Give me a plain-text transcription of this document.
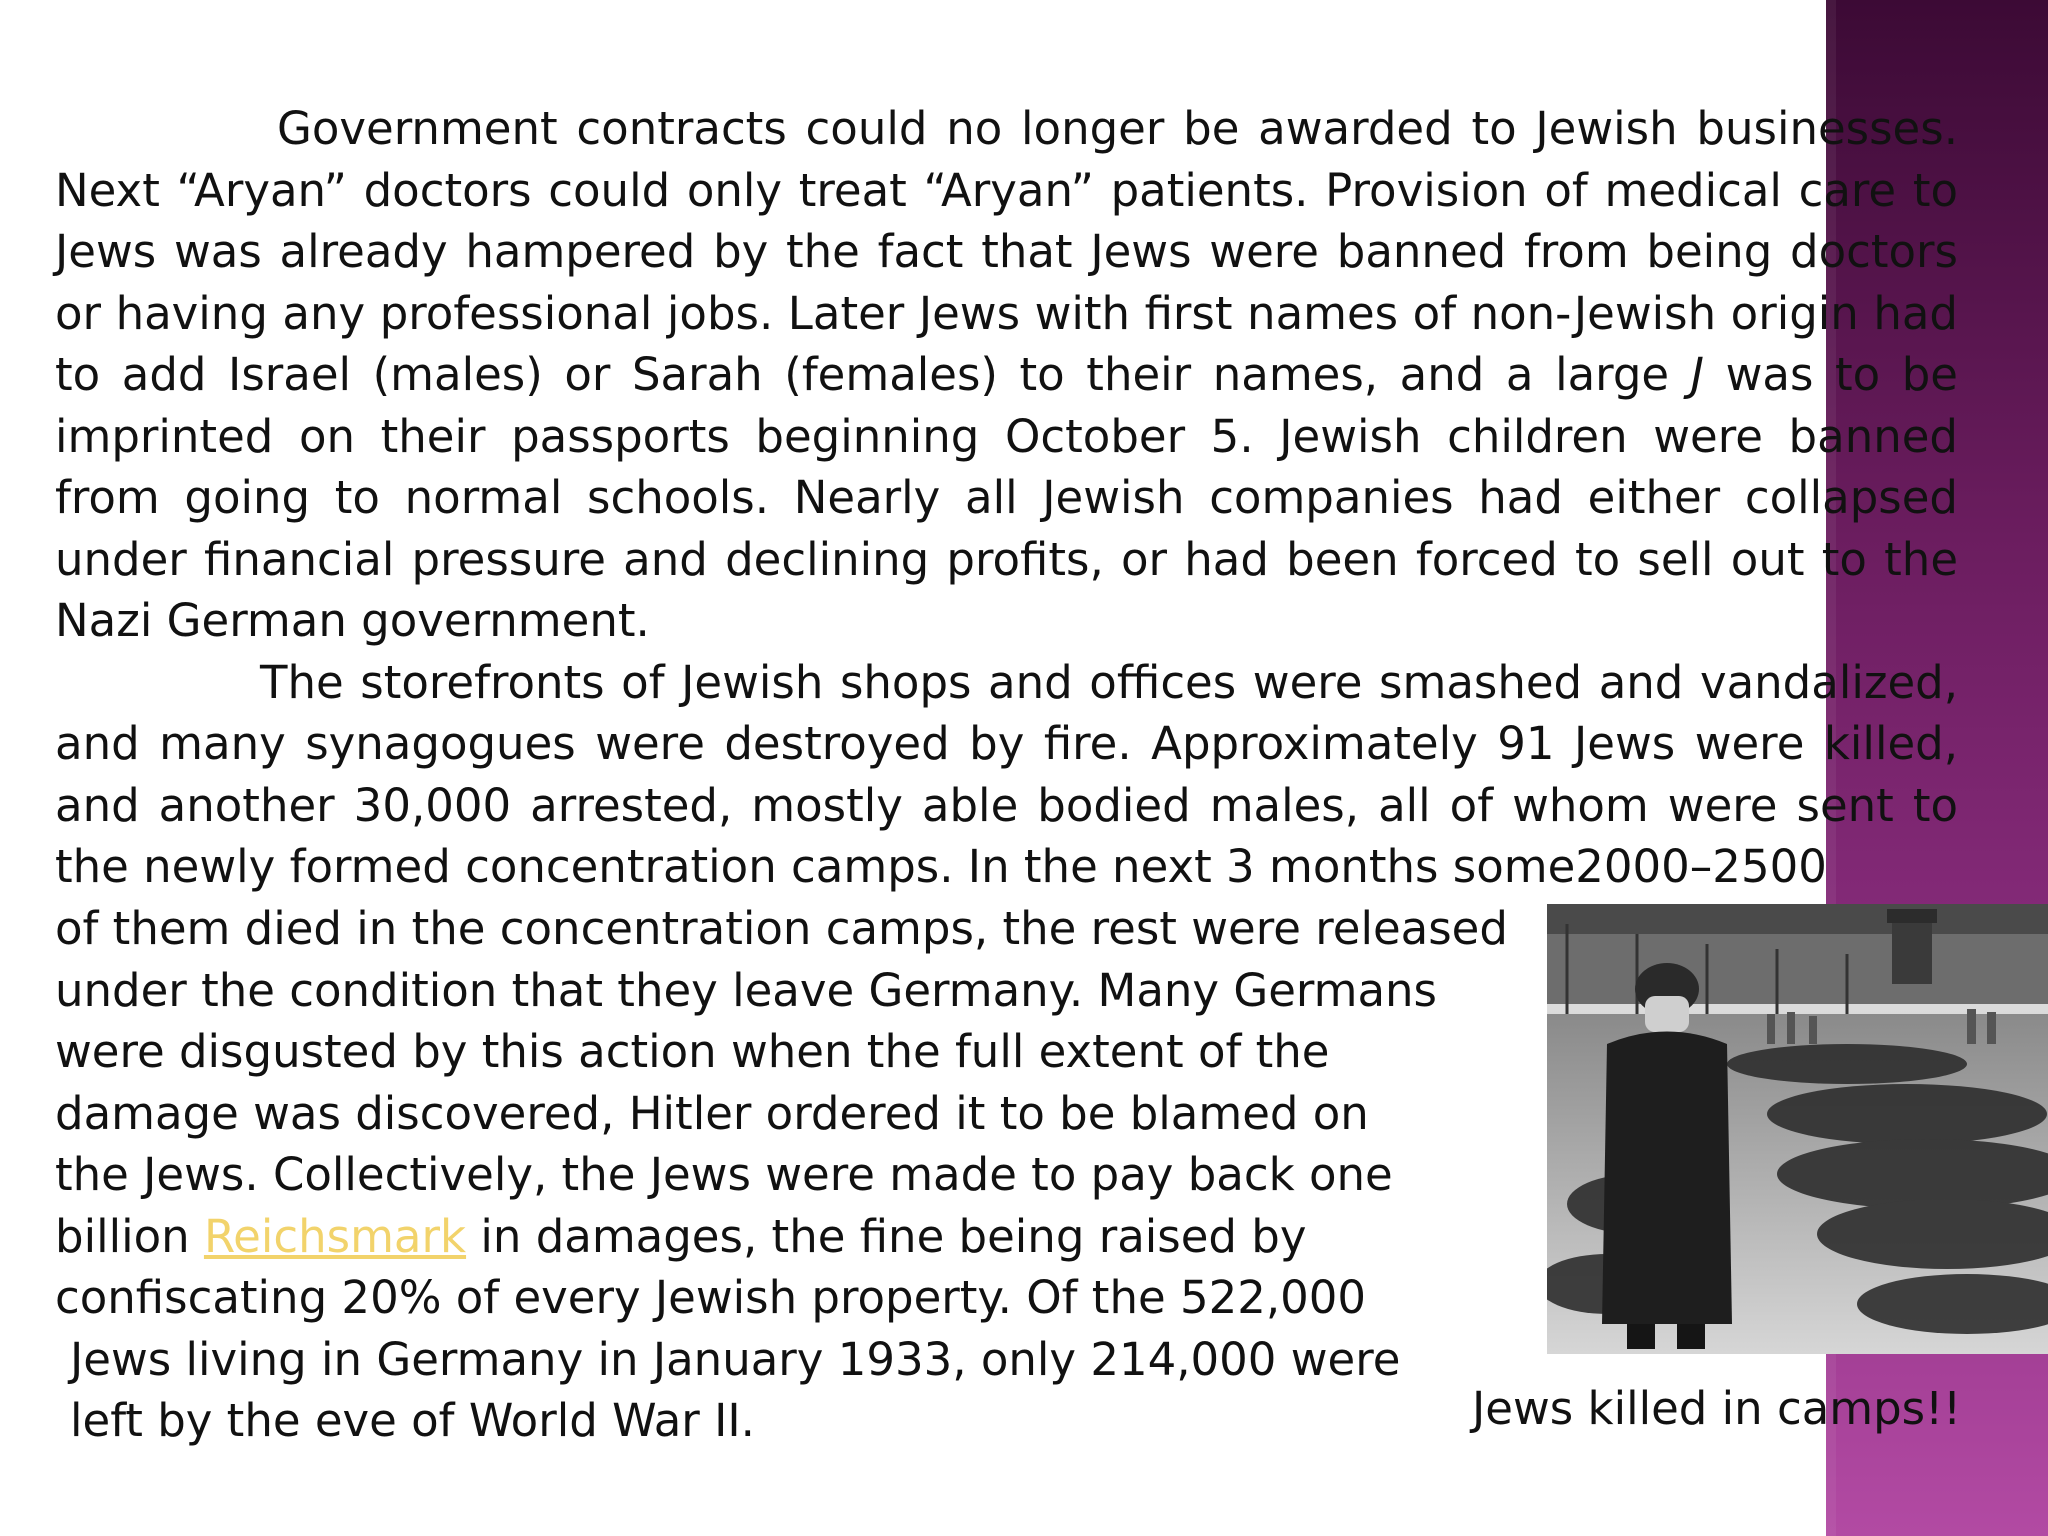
Government contracts could no longer be awarded to Jewish businesses. Next “Aryan” doctors could only treat “Aryan” patients. Provision of medical care to Jews was already hampered by the fact that Jews were banned from being doctors or having any professional jobs. Later Jews with first names of non-Jewish origin had to add Israel (males) or Sarah (females) to their names, and a large J was to be imprinted on their passports beginning October 5. Jewish children were banned from going to normal schools. Nearly all Jewish companies had either collapsed under financial pressure and declining profits, or had been forced to sell out to the Nazi German government.

The storefronts of Jewish shops and offices were smashed and vandalized, and many synagogues were destroyed by fire. Approximately 91 Jews were killed, and another 30,000 arrested, mostly able bodied males, all of whom were sent to the newly formed concentration camps. In the next 3 months some2000–2500

of them died in the concentration camps, the rest were released
under the condition that they leave Germany. Many Germans
were disgusted by this action when the full extent of the
damage was discovered, Hitler ordered it to be blamed on
the Jews. Collectively, the Jews were made to pay back one
billion Reichsmark in damages, the fine being raised by
confiscating 20% of every Jewish property. Of the 522,000
Jews living in Germany in January 1933, only 214,000 were
left by the eve of World War II.	Jews killed in camps!!
